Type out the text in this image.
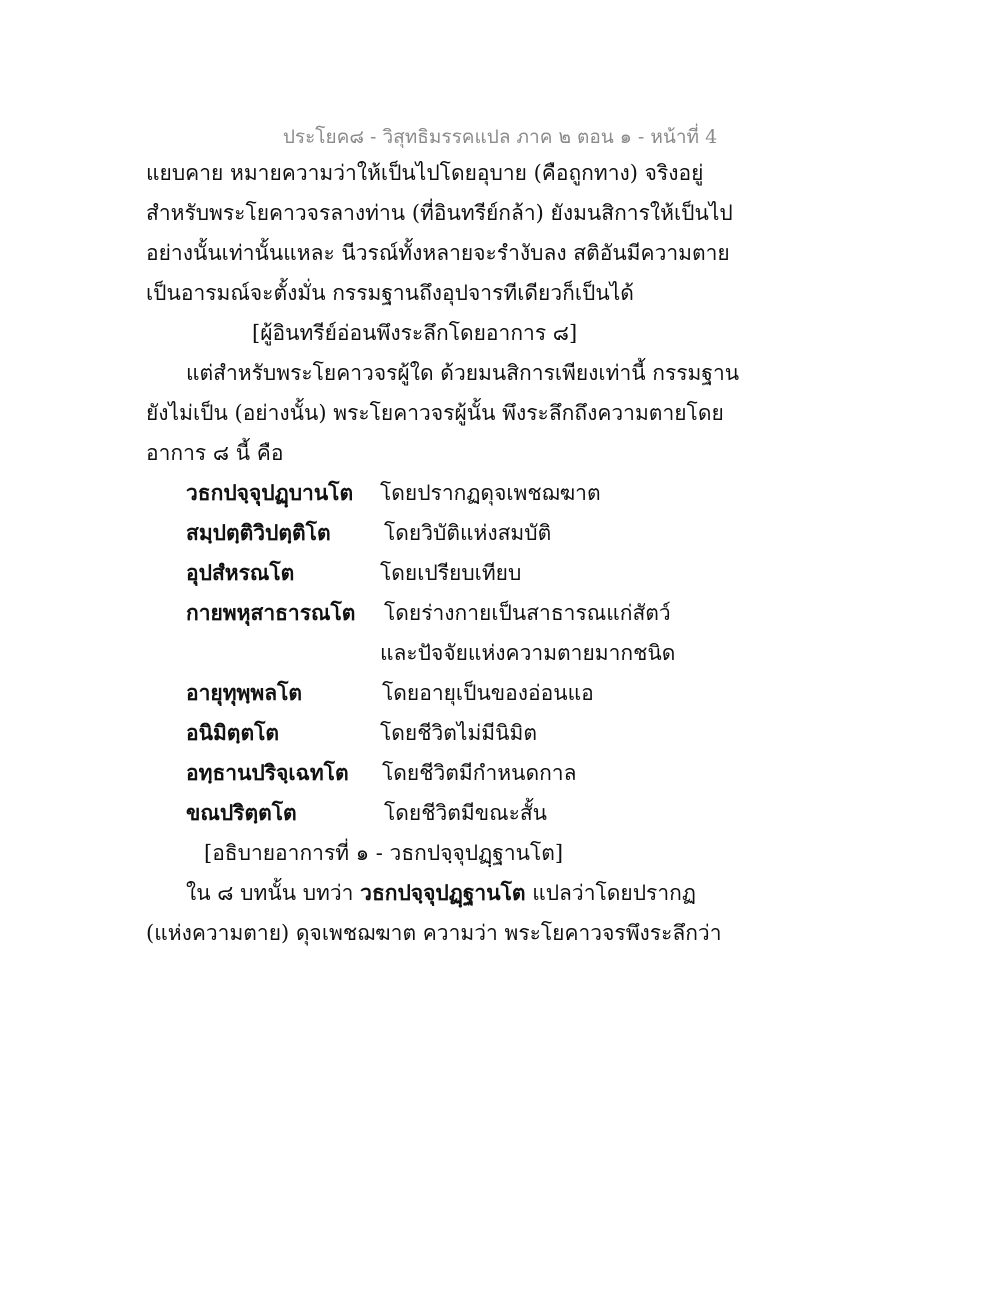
ประโยค๘ - วิสุทธิมรรคแปล ภาค ๒ ตอน ๑ - หน้าที่ 4
แยบคาย หมายความว่าให้เป็นไปโดยอุบาย (คือถูกทาง) จริงอยู่
สำหรับพระโยคาวจรลางท่าน (ที่อินทรีย์กล้า) ยังมนสิการให้เป็นไป
อย่างนั้นเท่านั้นแหละ นีวรณ์ทั้งหลายจะรำงับลง สติอันมีความตาย
เป็นอารมณ์จะตั้งมั่น กรรมฐานถึงอุปจารทีเดียวก็เป็นได้
[ผู้อินทรีย์อ่อนพึงระลึกโดยอาการ ๘]
แต่สำหรับพระโยคาวจรผู้ใด ด้วยมนสิการเพียงเท่านี้ กรรมฐาน
ยังไม่เป็น (อย่างนั้น) พระโยคาวจรผู้นั้น พึงระลึกถึงความตายโดย
อาการ ๘ นี้ คือ
วธกปจฺจุปฏฺบานโต โดยปรากฏดุจเพชฌฆาต
สมฺปตฺติวิปตฺติโต	โดยวิบัติแห่งสมบัติ
อุปสํหรณโต	โดยเปรียบเทียบ
กายพหุสาธารณโต โดยร่างกายเป็นสาธารณแก่สัตว์
และปัจจัยแห่งความตายมากชนิด
อายุทุพฺพลโต	โดยอายุเป็นของอ่อนแอ
อนิมิตฺตโต	โดยชีวิตไม่มีนิมิต
อทฺธานปริจฺเฉทโต โดยชีวิตมีกำหนดกาล
ขณปริตฺตโต	โดยชีวิตมีขณะสั้น
[อธิบายอาการที่ ๑ - วธกปจฺจุปฏฺฐานโต]
ใน ๘ บทนั้น บทว่า วธกปจฺจุปฏฺฐานโต แปลว่าโดยปรากฏ
(แห่งความตาย) ดุจเพชฌฆาต ความว่า พระโยคาวจรพึงระลึกว่า
